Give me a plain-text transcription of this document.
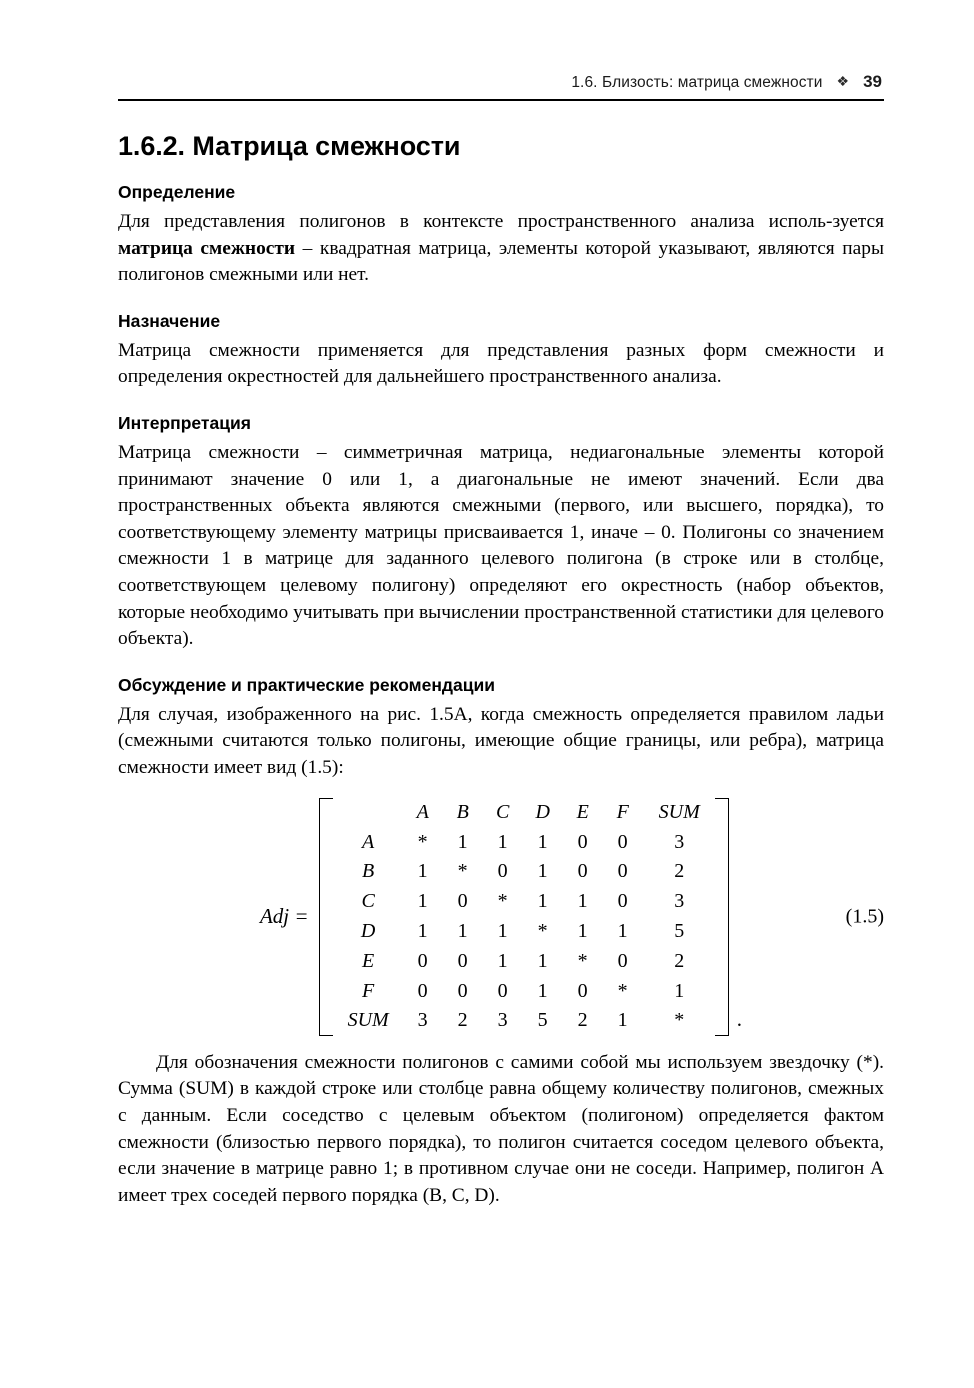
1.6. Близость: матрица смежности ❖ 39
1.6.2. Матрица смежности
Определение

Для представления полигонов в контексте пространственного анализа исполь-зуется матрица смежности – квадратная матрица, элементы которой указывают, являются пары полигонов смежными или нет.

Назначение

Матрица смежности применяется для представления разных форм смежности и определения окрестностей для дальнейшего пространственного анализа.

Интерпретация

Матрица смежности – симметричная матрица, недиагональные элементы которой принимают значение 0 или 1, а диагональные не имеют значений. Если два пространственных объекта являются смежными (первого, или высшего, порядка), то соответствующему элементу матрицы присваивается 1, иначе – 0. Полигоны со значением смежности 1 в матрице для заданного целевого полигона (в строке или в столбце, соответствующем целевому полигону) определяют его окрестность (набор объектов, которые необходимо учитывать при вычислении пространственной статистики для целевого объекта).

Обсуждение и практические рекомендации

Для случая, изображенного на рис. 1.5A, когда смежность определяется правилом ладьи (смежными считаются только полигоны, имеющие общие границы, или ребра), матрица смежности имеет вид (1.5):

Adj =
	A	B	C	D	E	F	SUM
A	*	1	1	1	0	0	3
B	1	*	0	1	0	0	2
C	1	0	*	1	1	0	3
D	1	1	1	*	1	1	5
E	0	0	1	1	*	0	2
F	0	0	0	1	0	*	1
SUM	3	2	3	5	2	1	*	.
(1.5)

Для обозначения смежности полигонов с самими собой мы используем звездочку (*). Сумма (SUM) в каждой строке или столбце равна общему количеству полигонов, смежных с данным. Если соседство с целевым объектом (полигоном) определяется фактом смежности (близостью первого порядка), то полигон считается соседом целевого объекта, если значение в матрице равно 1; в противном случае они не соседи. Например, полигон A имеет трех соседей первого порядка (B, C, D).
